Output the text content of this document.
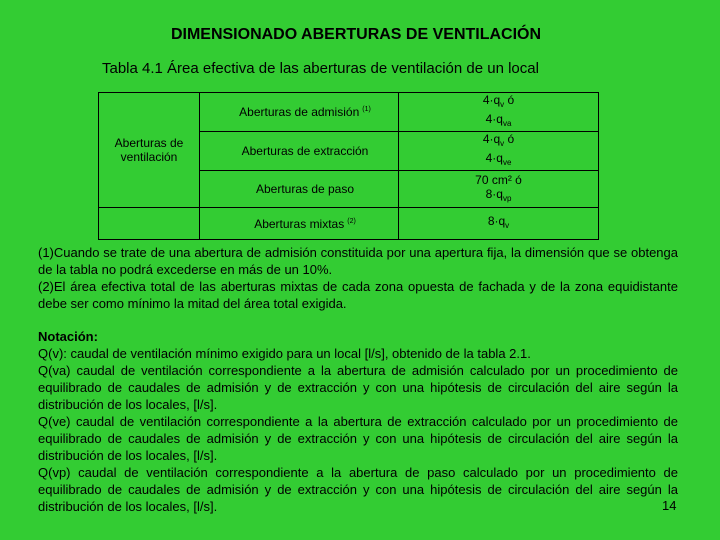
DIMENSIONADO ABERTURAS DE VENTILACIÓN
Tabla 4.1 Área efectiva de las aberturas de ventilación de un local
Aberturas de ventilación	Aberturas de admisión $^{(1)}$	$4\cdot q_v$ ó
$4\cdot q_{va}$
	Aberturas de extracción	$4\cdot q_v$ ó
$4\cdot q_{ve}$
	Aberturas de paso	70 cm² ó
$8\cdot q_{vp}$
	Aberturas mixtas $^{(2)}$	$8\cdot q_v$

(1)Cuando se trate de una abertura de admisión constituida por una apertura fija, la dimensión que se obtenga de la tabla no podrá excederse en más de un 10%.

(2)El área efectiva total de las aberturas mixtas de cada zona opuesta de fachada y de la zona equidistante debe ser como mínimo la mitad del área total exigida.

Notación:

Q(v): caudal de ventilación mínimo exigido para un local [l/s], obtenido de la tabla 2.1.

Q(va) caudal de ventilación correspondiente a la abertura de admisión calculado por un procedimiento de equilibrado de caudales de admisión y de extracción y con una hipótesis de circulación del aire según la distribución de los locales, [l/s].

Q(ve) caudal de ventilación correspondiente a la abertura de extracción calculado por un procedimiento de equilibrado de caudales de admisión y de extracción y con una hipótesis de circulación del aire según la distribución de los locales, [l/s].

Q(vp) caudal de ventilación correspondiente a la abertura de paso calculado por un procedimiento de equilibrado de caudales de admisión y de extracción y con una hipótesis de circulación del aire según la distribución de los locales, [l/s].	14
